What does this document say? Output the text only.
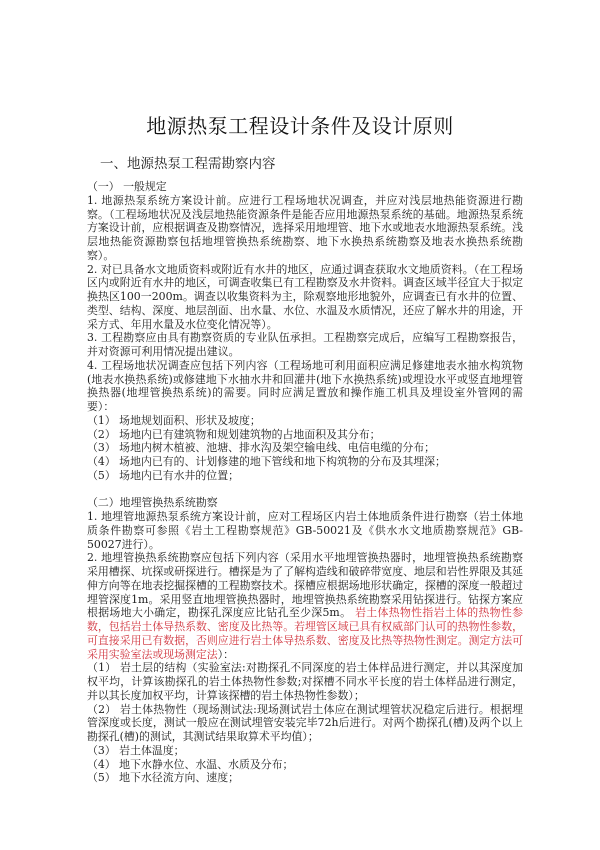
地源热泵工程设计条件及设计原则
一、地源热泵工程需勘察内容

（一） 一般规定

1. 地源热泵系统方案设计前。应进行工程场地状况调查，并应对浅层地热能资源进行勘察。（工程场地状况及浅层地热能资源条件是能否应用地源热泵系统的基础。地源热泵系统方案设计前，应根据调查及勘察情况，选择采用地埋管、地下水或地表水地源热泵系统。浅层地热能资源勘察包括地埋管换热系统勘察、地下水换热系统勘察及地表水换热系统勘察）。

2. 对已具备水文地质资料或附近有水井的地区，应通过调查获取水文地质资料。（在工程场区内或附近有水井的地区，可调查收集已有工程勘察及水井资料。调查区域半径宜大于拟定换热区100一200m。调查以收集资料为主，除观察地形地貌外，应调查已有水井的位置、类型、结构、深度、地层剖面、出水量、水位、水温及水质情况，还应了解水井的用途，开采方式、年用水量及水位变化情况等）。

3. 工程勘察应由具有勘察资质的专业队伍承担。工程勘察完成后，应编写工程勘察报告，并对资源可利用情况提出建议。

4. 工程场地状况调查应包括下列内容（工程场地可利用面积应满足修建地表水抽水构筑物(地表水换热系统)或修建地下水抽水井和回灌井(地下水换热系统)或埋设水平或竖直地埋管换热器(地埋管换热系统)的需要。同时应满足置放和操作施工机具及埋设室外管网的需要）：

（1） 场地规划面积、形状及坡度；

（2） 场地内已有建筑物和规划建筑物的占地面积及其分布；

（3） 场地内树木植被、池塘、排水沟及架空输电线、电信电缆的分布；

（4） 场地内已有的、计划修建的地下管线和地下构筑物的分布及其埋深；

（5） 场地内已有水井的位置；

（二）地埋管换热系统勘察

1. 地埋管地源热泵系统方案设计前，应对工程场区内岩土体地质条件进行勘察（岩土体地质条件勘察可参照《岩土工程勘察规范》GB-50021及《供水水文地质勘察规范》GB- 50027进行）。

2. 地埋管换热系统勘察应包括下列内容（采用水平地埋管换热器时，地埋管换热系统勘察采用槽探、坑探或研探进行。槽探是为了了解构造线和破碎带宽度、地层和岩性界限及其延伸方向等在地表挖掘探槽的工程勘察技术。探槽应根据场地形状确定，探槽的深度一般超过埋管深度1m。采用竖直地埋管换热器时，地埋管换热系统勘察采用钻探进行。钻探方案应根据场地大小确定，勘探孔深度应比钻孔至少深5m。 岩土体热物性指岩土体的热物性参数，包括岩土体导热系数、密度及比热等。若埋管区域已具有权威部门认可的热物性参数，可直接采用已有数据，否则应进行岩土体导热系数、密度及比热等热物性测定。测定方法可采用实验室法或现场测定法）：

（1） 岩土层的结构（实验室法:对勘探孔不同深度的岩土体样品进行测定，并以其深度加权平均，计算该勘探孔的岩土体热物性参数;对探槽不同水平长度的岩土体样品进行测定，并以其长度加权平均，计算该探槽的岩土体热物性参数）；

（2） 岩土体热物性（现场测试法:现场测试岩土体应在测试埋管状况稳定后进行。根据埋管深度或长度，测试一般应在测试埋管安装完毕72h后进行。对两个勘探孔(槽)及两个以上勘探孔(槽)的测试，其测试结果取算术平均值）；

（3） 岩土体温度；

（4） 地下水静水位、水温、水质及分布；

（5） 地下水径流方向、速度；
